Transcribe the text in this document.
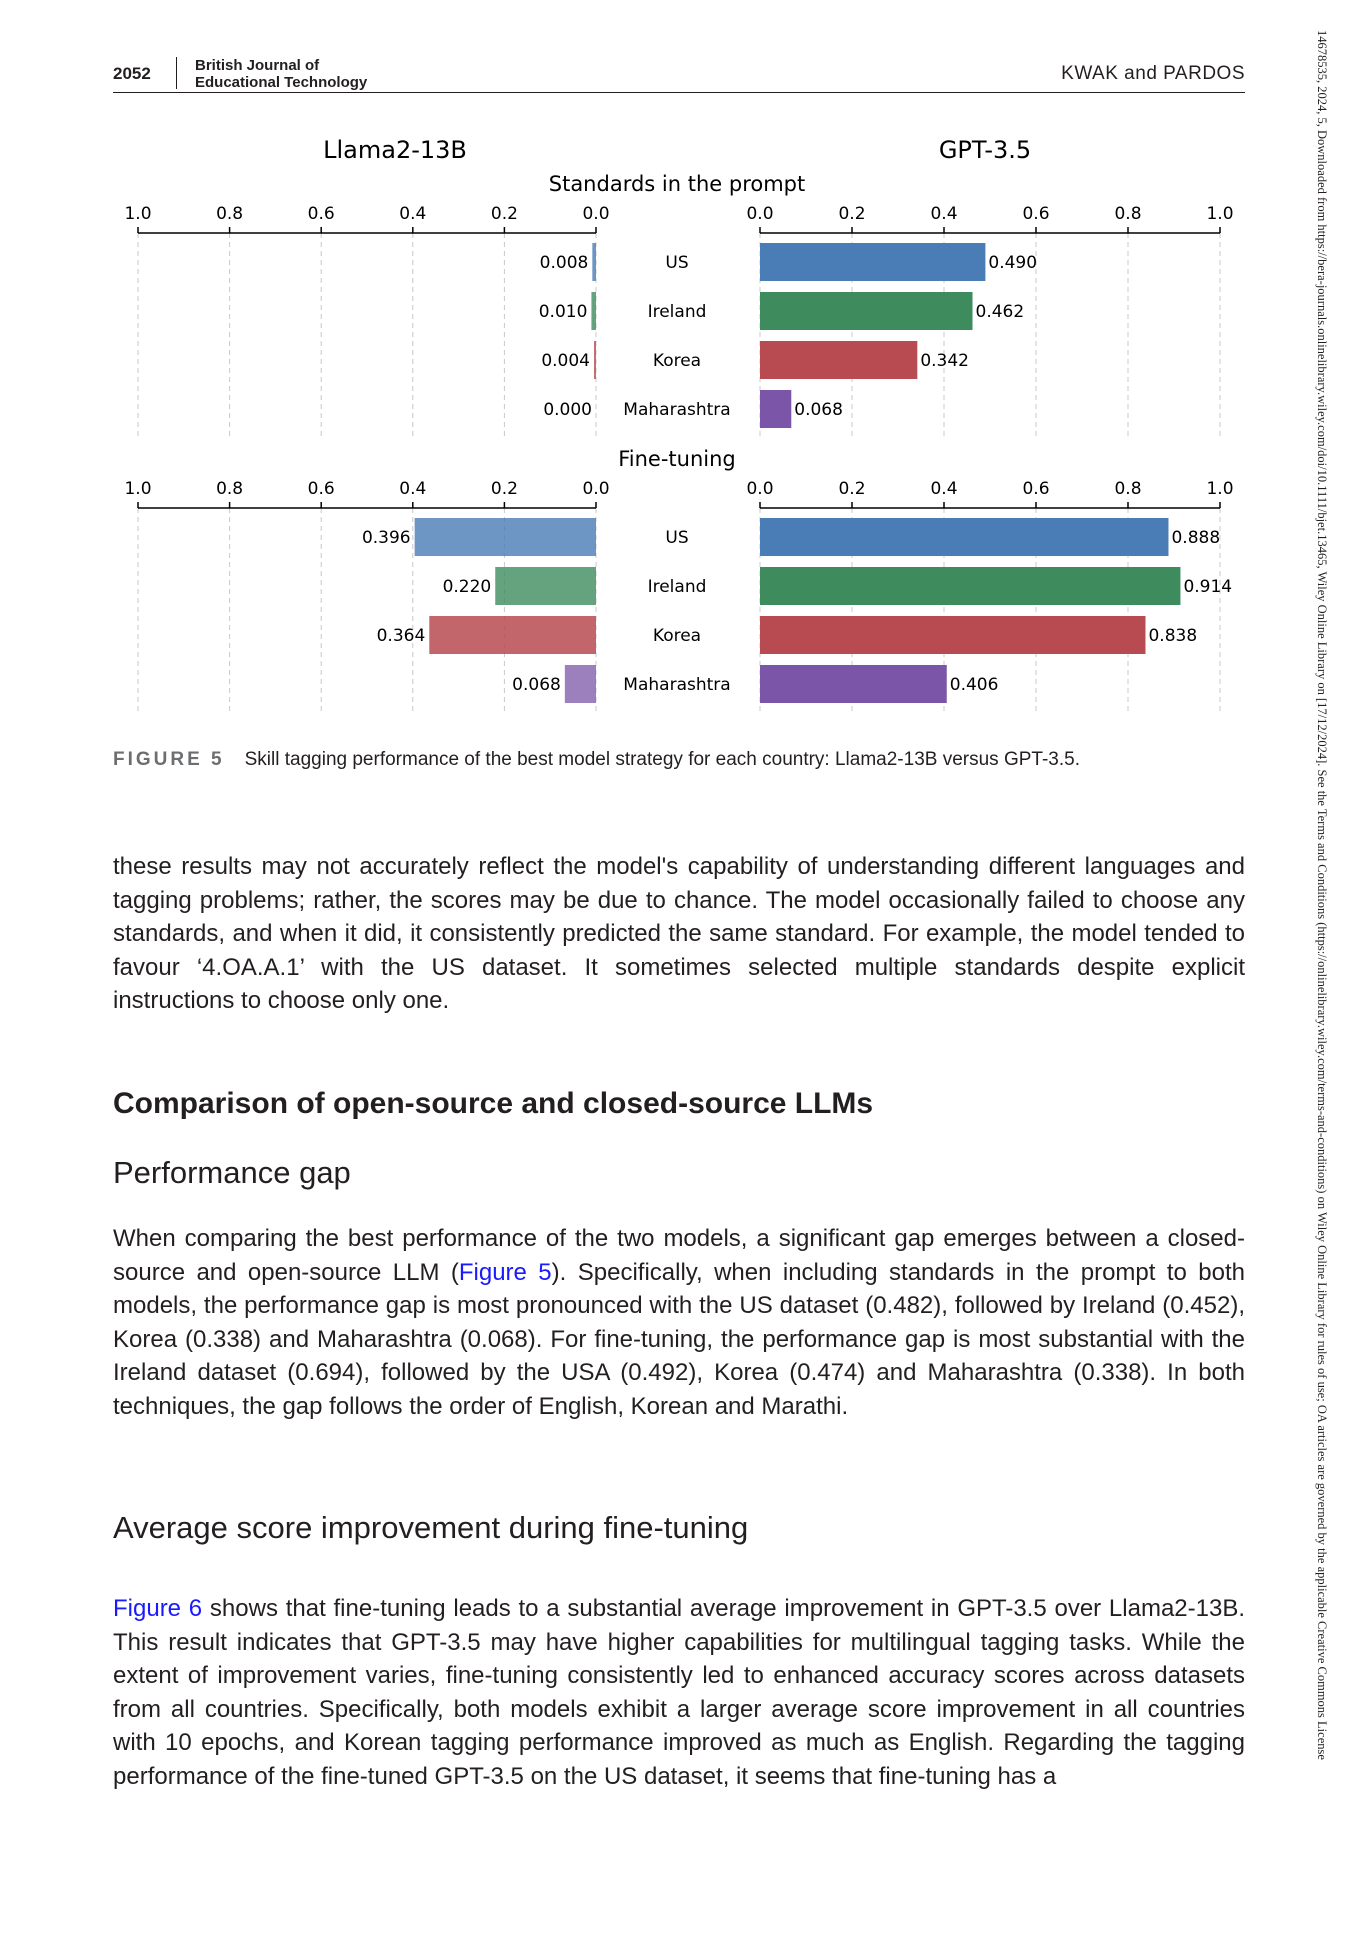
2052	British Journal of
Educational Technology	KWAK and PARDOS	14678535, 2024, 5, Downloaded from https://bera-journals.onlinelibrary.wiley.com/doi/10.1111/bjet.13465, Wiley Online Library on [17/12/2024]. See the Terms and Conditions (https://onlinelibrary.wiley.com/terms-and-conditions) on Wiley Online Library for rules of use; OA articles are governed by the applicable Creative Commons License
Llama2-13B	GPT-3.5
Standards in the prompt
1.0	0.8	0.6	0.4	0.2	0.0	0.0	0.2	0.4	0.6	0.8	1.0
US
0.008	0.490
Ireland
0.010	0.462
Korea
0.004	0.342
Maharashtra
0.000	0.068
Fine-tuning
1.0	0.8	0.6	0.4	0.2	0.0	0.0	0.2	0.4	0.6	0.8	1.0
US
0.396	0.888
Ireland
0.220	0.914
Korea
0.364	0.838
Maharashtra
0.068	0.406
FIGURE 5 Skill tagging performance of the best model strategy for each country: Llama2-13B versus GPT-3.5.
these results may not accurately reflect the model's capability of understanding different languages and tagging problems; rather, the scores may be due to chance. The model occasionally failed to choose any standards, and when it did, it consistently predicted the same standard. For example, the model tended to favour ‘4.OA.A.1’ with the US dataset. It sometimes selected multiple standards despite explicit instructions to choose only one.
Comparison of open-source and closed-source LLMs
Performance gap
When comparing the best performance of the two models, a significant gap emerges between a closed-source and open-source LLM (Figure 5). Specifically, when including standards in the prompt to both models, the performance gap is most pronounced with the US dataset (0.482), followed by Ireland (0.452), Korea (0.338) and Maharashtra (0.068). For fine-tuning, the performance gap is most substantial with the Ireland dataset (0.694), followed by the USA (0.492), Korea (0.474) and Maharashtra (0.338). In both techniques, the gap follows the order of English, Korean and Marathi.
Average score improvement during fine-tuning
Figure 6 shows that fine-tuning leads to a substantial average improvement in GPT-3.5 over Llama2-13B. This result indicates that GPT-3.5 may have higher capabilities for multilingual tagging tasks. While the extent of improvement varies, fine-tuning consistently led to enhanced accuracy scores across datasets from all countries. Specifically, both models exhibit a larger average score improvement in all countries with 10 epochs, and Korean tagging performance improved as much as English. Regarding the tagging performance of the fine-tuned GPT-3.5 on the US dataset, it seems that fine-tuning has a
